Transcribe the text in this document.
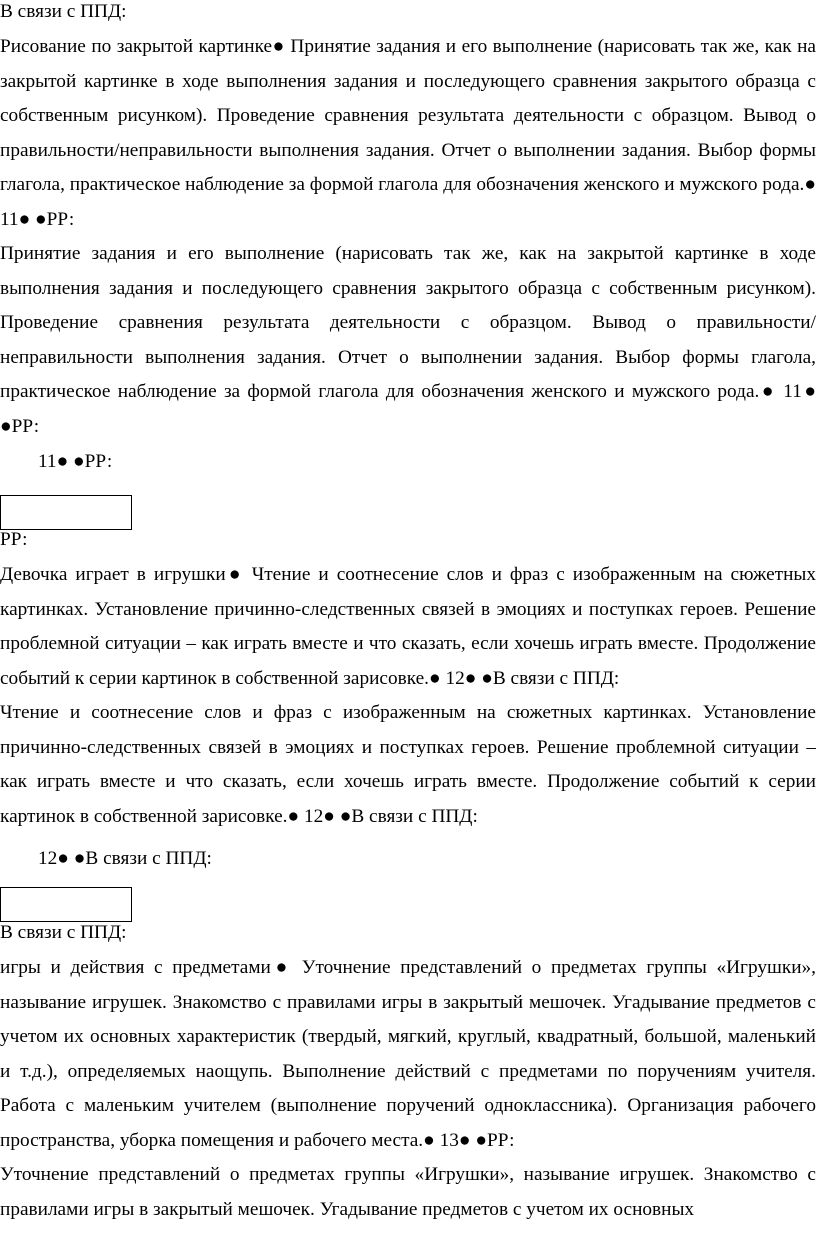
В связи с ППД:
Рисование по закрытой картинке● Принятие задания и его выполнение (нарисовать так же, как на закрытой картинке в ходе выполнения задания и последующего сравнения закрытого образца с собственным рисунком). Проведение сравнения результата деятельности с образцом. Вывод о правильности/неправильности выполнения задания. Отчет о выполнении задания. Выбор формы глагола, практическое наблюдение за формой глагола для обозначения женского и мужского рода.● 11● ●РР:
Принятие задания и его выполнение (нарисовать так же, как на закрытой картинке в ходе выполнения задания и последующего сравнения закрытого образца с собственным рисунком). Проведение сравнения результата деятельности с образцом. Вывод о правильности/неправильности выполнения задания. Отчет о выполнении задания. Выбор формы глагола, практическое наблюдение за формой глагола для обозначения женского и мужского рода.● 11● ●РР:
11● ●РР:
РР:
Девочка играет в игрушки● Чтение и соотнесение слов и фраз с изображенным на сюжетных картинках. Установление причинно-следственных связей в эмоциях и поступках героев. Решение проблемной ситуации – как играть вместе и что сказать, если хочешь играть вместе. Продолжение событий к серии картинок в собственной зарисовке.● 12● ●В связи с ППД:
Чтение и соотнесение слов и фраз с изображенным на сюжетных картинках. Установление причинно-следственных связей в эмоциях и поступках героев. Решение проблемной ситуации – как играть вместе и что сказать, если хочешь играть вместе. Продолжение событий к серии картинок в собственной зарисовке.● 12● ●В связи с ППД:
12● ●В связи с ППД:
В связи с ППД:
игры и действия с предметами● Уточнение представлений о предметах группы «Игрушки», называние игрушек. Знакомство с правилами игры в закрытый мешочек. Угадывание предметов с учетом их основных характеристик (твердый, мягкий, круглый, квадратный, большой, маленький и т.д.), определяемых наощупь. Выполнение действий с предметами по поручениям учителя. Работа с маленьким учителем (выполнение поручений одноклассника). Организация рабочего пространства, уборка помещения и рабочего места.● 13● ●РР:
Уточнение представлений о предметах группы «Игрушки», называние игрушек. Знакомство с правилами игры в закрытый мешочек. Угадывание предметов с учетом их основных
